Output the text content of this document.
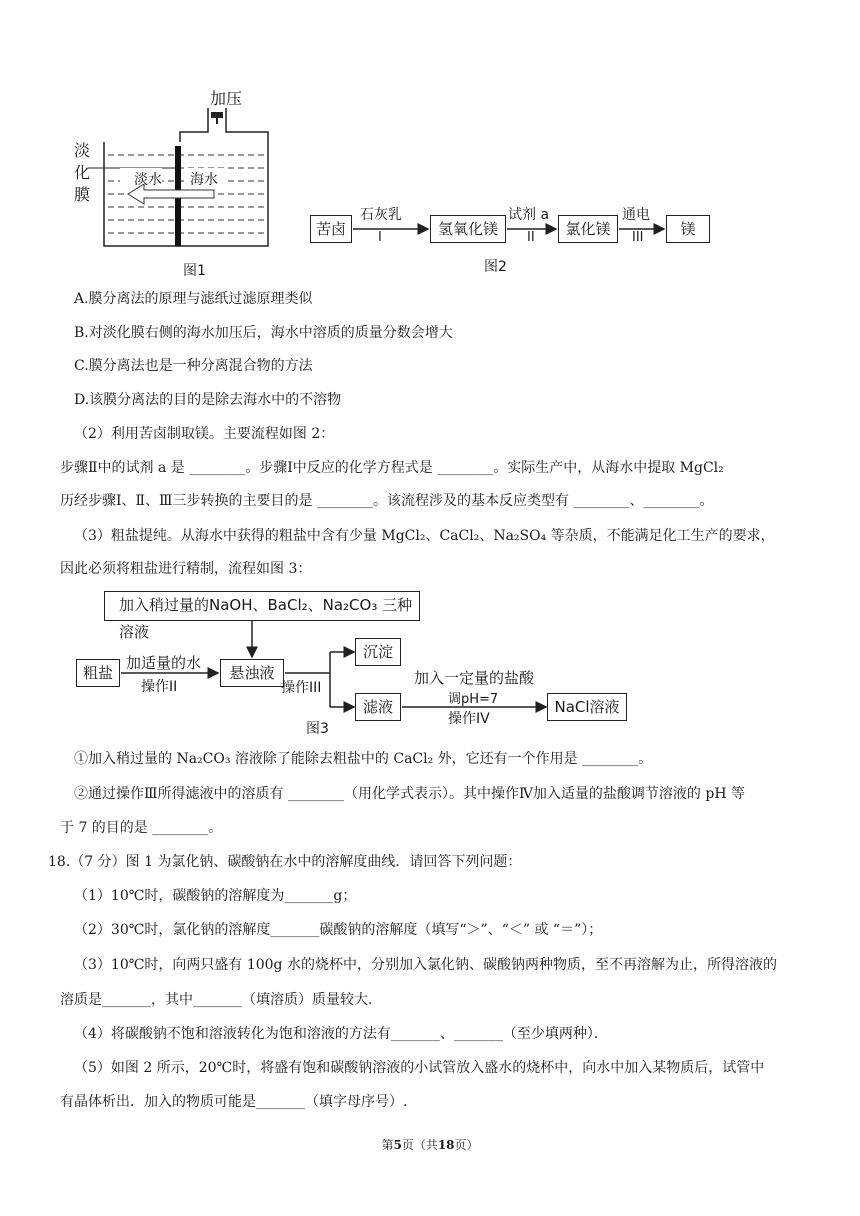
加压
淡
化
膜
淡水 海水
图1
苦卤	氢氧化镁	氯化镁	镁
石灰乳
I
试剂 a
II
通电
III
图2
A.膜分离法的原理与滤纸过滤原理类似
B.对淡化膜右侧的海水加压后，海水中溶质的质量分数会增大
C.膜分离法也是一种分离混合物的方法
D.该膜分离法的目的是除去海水中的不溶物
（2）利用苦卤制取镁。主要流程如图 2：
步骤Ⅱ中的试剂 a 是 ________。步骤Ⅰ中反应的化学方程式是 ________。实际生产中，从海水中提取 MgCl₂
历经步骤Ⅰ、Ⅱ、Ⅲ三步转换的主要目的是 ________。该流程涉及的基本反应类型有 ________、________。
（3）粗盐提纯。从海水中获得的粗盐中含有少量 MgCl₂、CaCl₂、Na₂SO₄ 等杂质，不能满足化工生产的要求，
因此必须将粗盐进行精制，流程如图 3：
加入稍过量的NaOH、BaCl₂、Na₂CO₃ 三种溶液
粗盐	悬浊液
沉淀
滤液	NaCl溶液
加适量的水
操作II	操作III
加入一定量的盐酸
调pH=7
操作IV
图3
①加入稍过量的 Na₂CO₃ 溶液除了能除去粗盐中的 CaCl₂ 外，它还有一个作用是 ________。
②通过操作Ⅲ所得滤液中的溶质有 ________（用化学式表示）。其中操作Ⅳ加入适量的盐酸调节溶液的 pH 等
于 7 的目的是 ________。
18.（7 分）图 1 为氯化钠、碳酸钠在水中的溶解度曲线．请回答下列问题：
（1）10℃时，碳酸钠的溶解度为_______g；
（2）30℃时，氯化钠的溶解度_______碳酸钠的溶解度（填写“＞”、“＜” 或 “＝”）；
（3）10℃时，向两只盛有 100g 水的烧杯中，分别加入氯化钠、碳酸钠两种物质，至不再溶解为止，所得溶液的
溶质是_______，其中_______（填溶质）质量较大．
（4）将碳酸钠不饱和溶液转化为饱和溶液的方法有_______、_______（至少填两种）．
（5）如图 2 所示，20℃时，将盛有饱和碳酸钠溶液的小试管放入盛水的烧杯中，向水中加入某物质后，试管中
有晶体析出．加入的物质可能是_______（填字母序号）.
第5页（共18页）
